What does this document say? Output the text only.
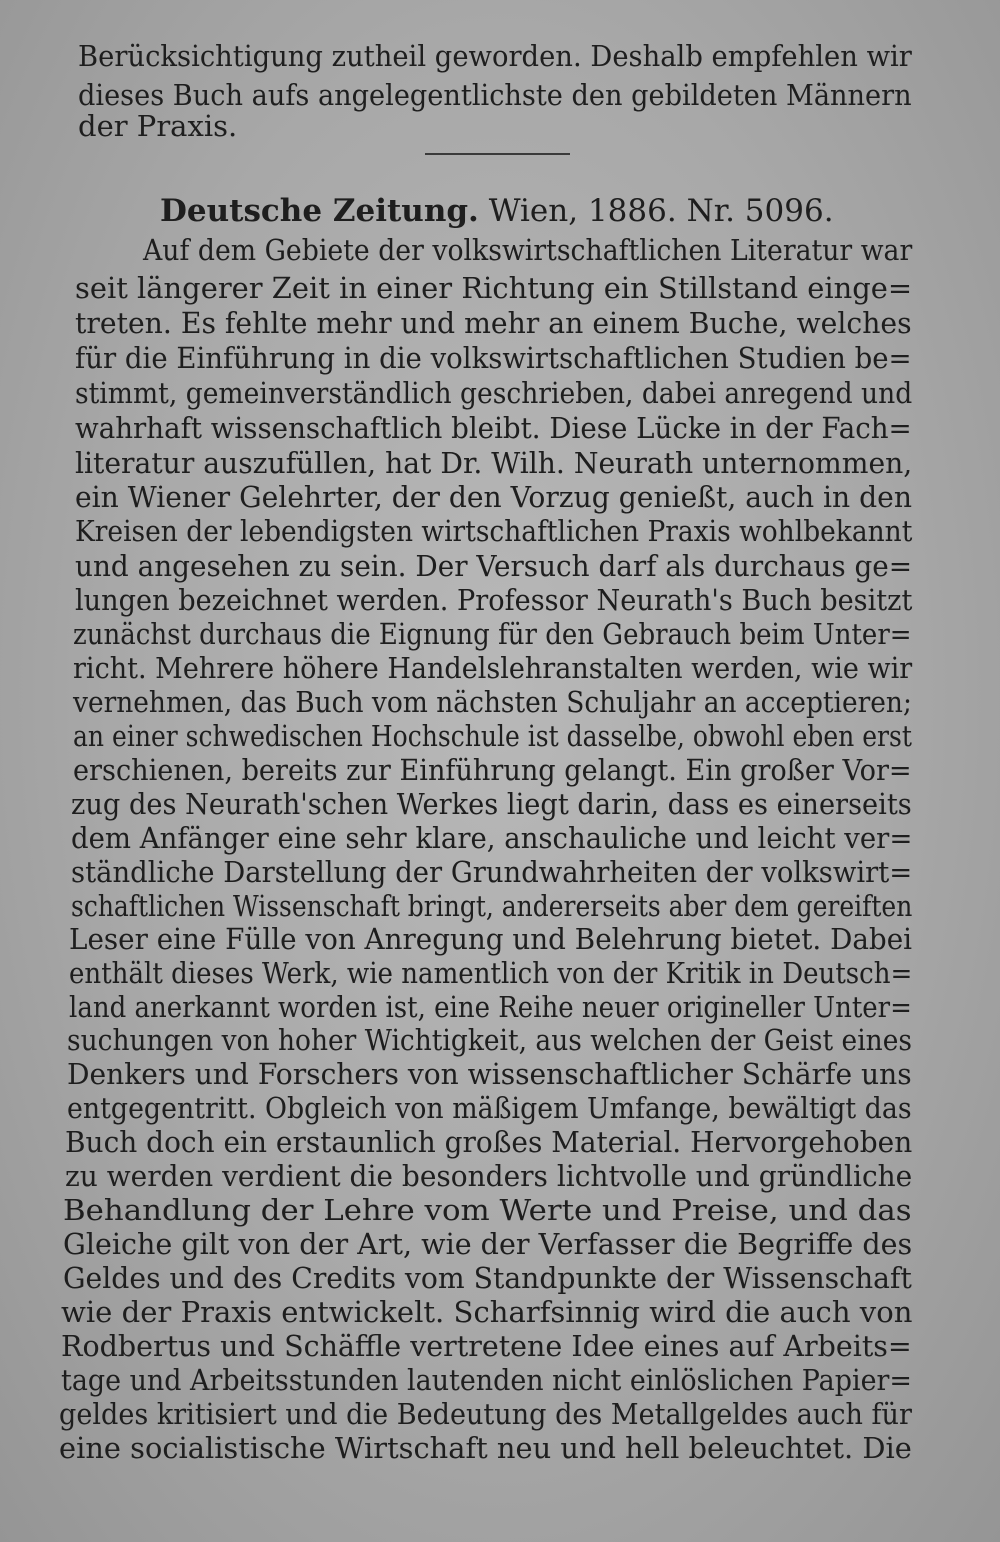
Berücksichtigung zutheil geworden. Deshalb empfehlen wir
dieses Buch aufs angelegentlichste den gebildeten Männern
der Praxis.
Deutsche Zeitung. Wien, 1886. Nr. 5096.
Auf dem Gebiete der volkswirtschaftlichen Literatur war
seit längerer Zeit in einer Richtung ein Stillstand einge=
treten. Es fehlte mehr und mehr an einem Buche, welches
für die Einführung in die volkswirtschaftlichen Studien be=
stimmt, gemeinverständlich geschrieben, dabei anregend und
wahrhaft wissenschaftlich bleibt. Diese Lücke in der Fach=
literatur auszufüllen, hat Dr. Wilh. Neurath unternommen,
ein Wiener Gelehrter, der den Vorzug genießt, auch in den
Kreisen der lebendigsten wirtschaftlichen Praxis wohlbekannt
und angesehen zu sein. Der Versuch darf als durchaus ge=
lungen bezeichnet werden. Professor Neurath's Buch besitzt
zunächst durchaus die Eignung für den Gebrauch beim Unter=
richt. Mehrere höhere Handelslehranstalten werden, wie wir
vernehmen, das Buch vom nächsten Schuljahr an acceptieren;
an einer schwedischen Hochschule ist dasselbe, obwohl eben erst
erschienen, bereits zur Einführung gelangt. Ein großer Vor=
zug des Neurath'schen Werkes liegt darin, dass es einerseits
dem Anfänger eine sehr klare, anschauliche und leicht ver=
ständliche Darstellung der Grundwahrheiten der volkswirt=
schaftlichen Wissenschaft bringt, andererseits aber dem gereiften
Leser eine Fülle von Anregung und Belehrung bietet. Dabei
enthält dieses Werk, wie namentlich von der Kritik in Deutsch=
land anerkannt worden ist, eine Reihe neuer origineller Unter=
suchungen von hoher Wichtigkeit, aus welchen der Geist eines
Denkers und Forschers von wissenschaftlicher Schärfe uns
entgegentritt. Obgleich von mäßigem Umfange, bewältigt das
Buch doch ein erstaunlich großes Material. Hervorgehoben
zu werden verdient die besonders lichtvolle und gründliche
Behandlung der Lehre vom Werte und Preise, und das
Gleiche gilt von der Art, wie der Verfasser die Begriffe des
Geldes und des Credits vom Standpunkte der Wissenschaft
wie der Praxis entwickelt. Scharfsinnig wird die auch von
Rodbertus und Schäffle vertretene Idee eines auf Arbeits=
tage und Arbeitsstunden lautenden nicht einlöslichen Papier=
geldes kritisiert und die Bedeutung des Metallgeldes auch für
eine socialistische Wirtschaft neu und hell beleuchtet. Die
